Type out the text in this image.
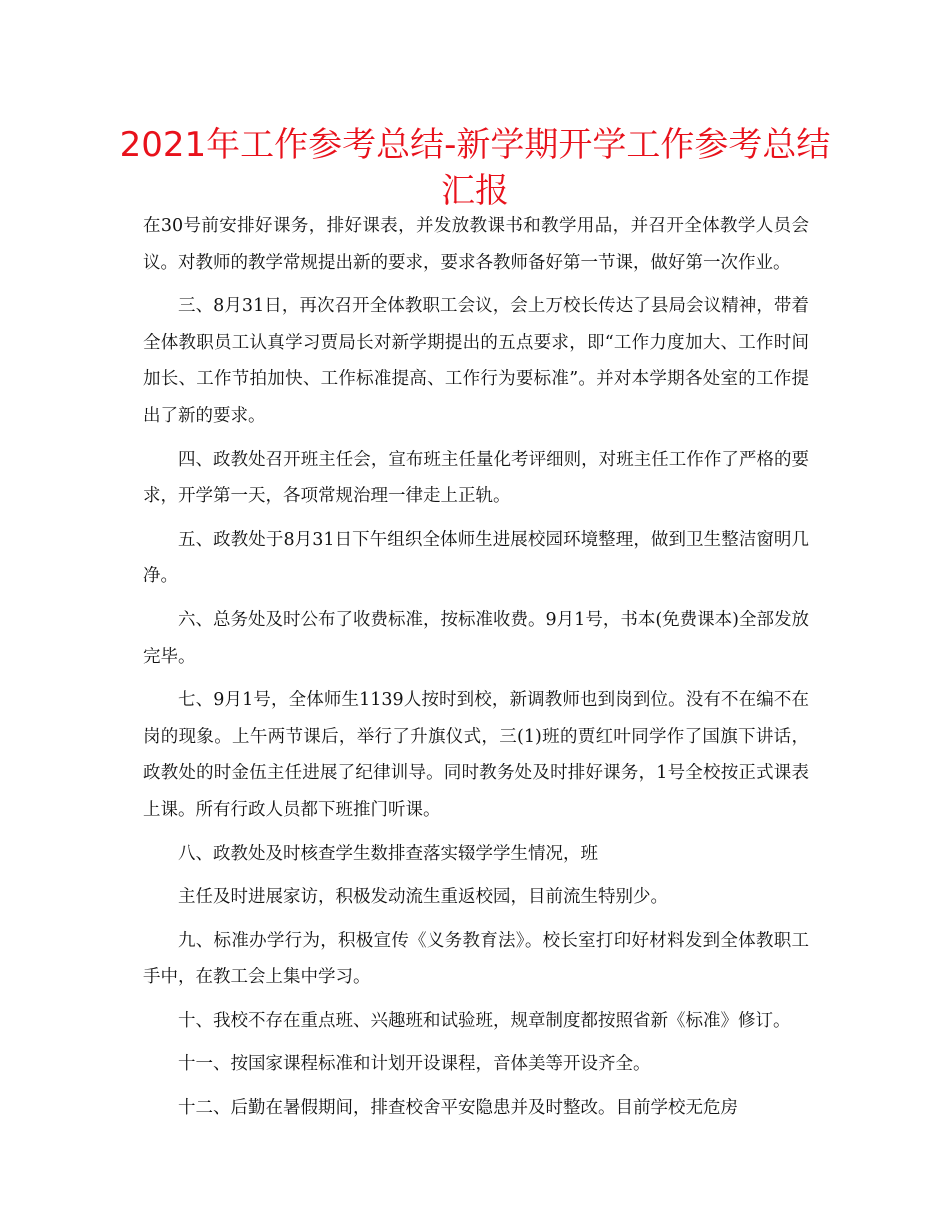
2021年工作参考总结-新学期开学工作参考总结
汇报

在30号前安排好课务，排好课表，并发放教课书和教学用品，并召开全体教学人员会议。对教师的教学常规提出新的要求，要求各教师备好第一节课，做好第一次作业。

三、8月31日，再次召开全体教职工会议，会上万校长传达了县局会议精神，带着全体教职员工认真学习贾局长对新学期提出的五点要求，即“工作力度加大、工作时间加长、工作节拍加快、工作标准提高、工作行为要标准”。并对本学期各处室的工作提出了新的要求。

四、政教处召开班主任会，宣布班主任量化考评细则，对班主任工作作了严格的要求，开学第一天，各项常规治理一律走上正轨。

五、政教处于8月31日下午组织全体师生进展校园环境整理，做到卫生整洁窗明几净。

六、总务处及时公布了收费标准，按标准收费。9月1号，书本(免费课本)全部发放完毕。

七、9月1号，全体师生1139人按时到校，新调教师也到岗到位。没有不在编不在岗的现象。上午两节课后，举行了升旗仪式，三(1)班的贾红叶同学作了国旗下讲话，政教处的时金伍主任进展了纪律训导。同时教务处及时排好课务，1号全校按正式课表上课。所有行政人员都下班推门听课。

八、政教处及时核查学生数排查落实辍学学生情况，班

主任及时进展家访，积极发动流生重返校园，目前流生特别少。

九、标准办学行为，积极宣传《义务教育法》。校长室打印好材料发到全体教职工手中，在教工会上集中学习。

十、我校不存在重点班、兴趣班和试验班，规章制度都按照省新《标准》修订。

十一、按国家课程标准和计划开设课程，音体美等开设齐全。

十二、后勤在暑假期间，排查校舍平安隐患并及时整改。目前学校无危房
